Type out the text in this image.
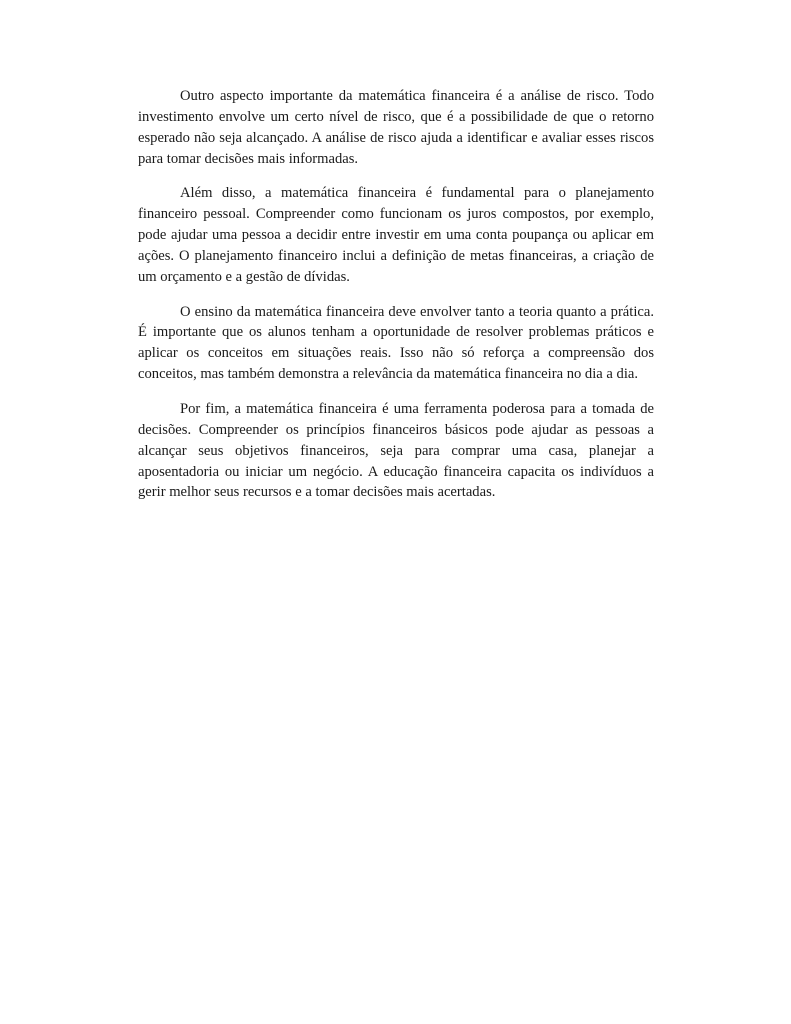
Outro aspecto importante da matemática financeira é a análise de risco. Todo investimento envolve um certo nível de risco, que é a possibilidade de que o retorno esperado não seja alcançado. A análise de risco ajuda a identificar e avaliar esses riscos para tomar decisões mais informadas.

Além disso, a matemática financeira é fundamental para o planejamento financeiro pessoal. Compreender como funcionam os juros compostos, por exemplo, pode ajudar uma pessoa a decidir entre investir em uma conta poupança ou aplicar em ações. O planejamento financeiro inclui a definição de metas financeiras, a criação de um orçamento e a gestão de dívidas.

O ensino da matemática financeira deve envolver tanto a teoria quanto a prática. É importante que os alunos tenham a oportunidade de resolver problemas práticos e aplicar os conceitos em situações reais. Isso não só reforça a compreensão dos conceitos, mas também demonstra a relevância da matemática financeira no dia a dia.

Por fim, a matemática financeira é uma ferramenta poderosa para a tomada de decisões. Compreender os princípios financeiros básicos pode ajudar as pessoas a alcançar seus objetivos financeiros, seja para comprar uma casa, planejar a aposentadoria ou iniciar um negócio. A educação financeira capacita os indivíduos a gerir melhor seus recursos e a tomar decisões mais acertadas.
